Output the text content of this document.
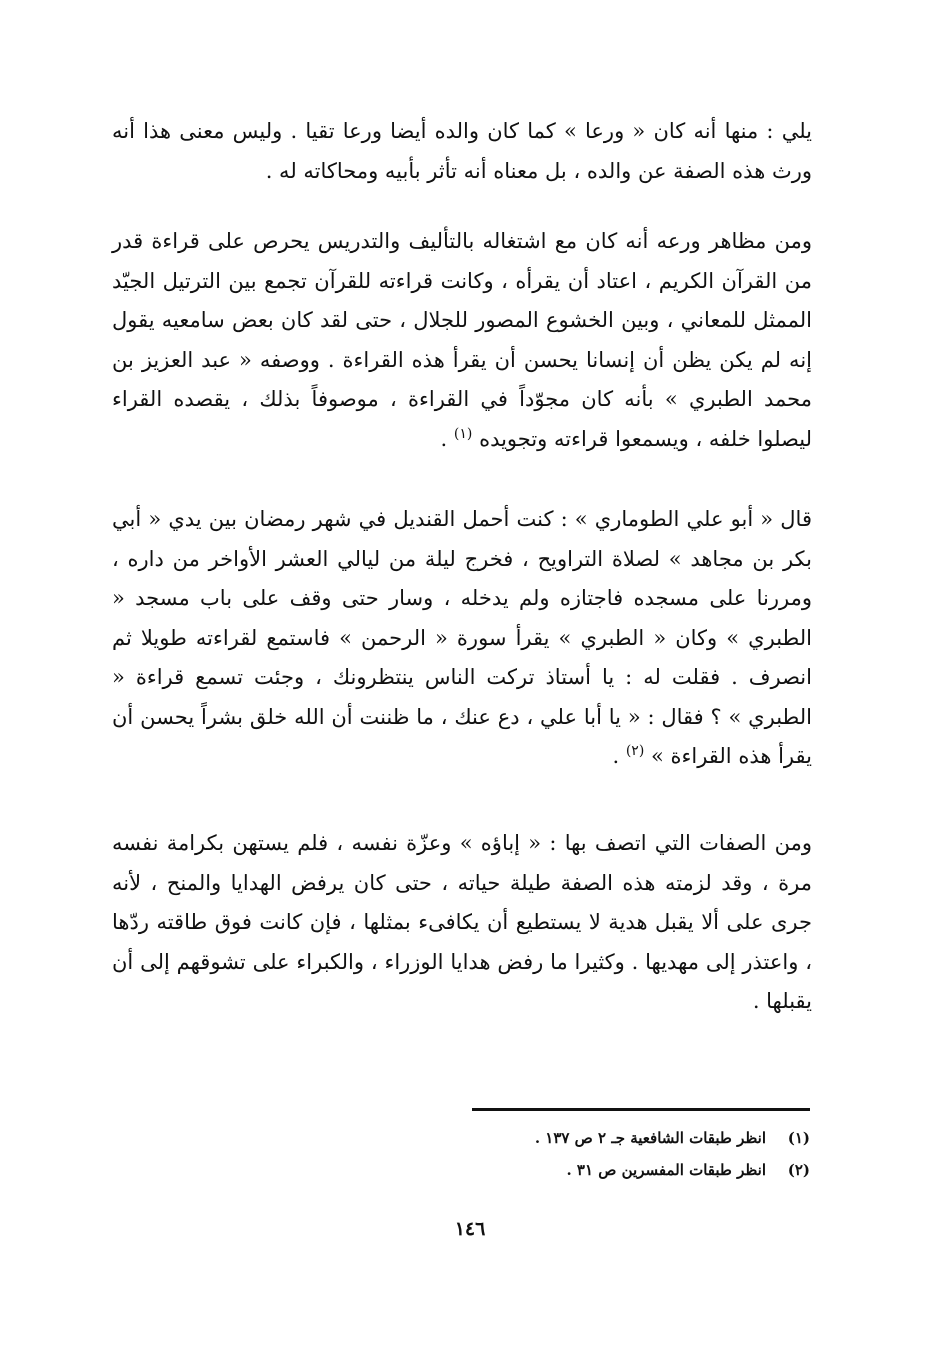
يلي : منها أنه كان « ورعا » كما كان والده أيضا ورعا تقيا . وليس معنى هذا أنه ورث هذه الصفة عن والده ، بل معناه أنه تأثر بأبيه ومحاكاته له .

ومن مظاهر ورعه أنه كان مع اشتغاله بالتأليف والتدريس يحرص على قراءة قدر من القرآن الكريم ، اعتاد أن يقرأه ، وكانت قراءته للقرآن تجمع بين الترتيل الجيّد الممثل للمعاني ، وبين الخشوع المصور للجلال ، حتى لقد كان بعض سامعيه يقول إنه لم يكن يظن أن إنسانا يحسن أن يقرأ هذه القراءة . ووصفه « عبد العزيز بن محمد الطبري » بأنه كان مجوّداً في القراءة ، موصوفاً بذلك ، يقصده القراء ليصلوا خلفه ، ويسمعوا قراءته وتجويده $^{(١)}$ .

قال « أبو علي الطوماري » : كنت أحمل القنديل في شهر رمضان بين يدي « أبي بكر بن مجاهد » لصلاة التراويح ، فخرج ليلة من ليالي العشر الأواخر من داره ، ومررنا على مسجده فاجتازه ولم يدخله ، وسار حتى وقف على باب مسجد « الطبري » وكان « الطبري » يقرأ سورة « الرحمن » فاستمع لقراءته طويلا ثم انصرف . فقلت له : يا أستاذ تركت الناس ينتظرونك ، وجئت تسمع قراءة « الطبري » ؟ فقال : « يا أبا علي ، دع عنك ، ما ظننت أن الله خلق بشراً يحسن أن يقرأ هذه القراءة » $^{(٢)}$ .

ومن الصفات التي اتصف بها : « إباؤه » وعزّة نفسه ، فلم يستهن بكرامة نفسه مرة ، وقد لزمته هذه الصفة طيلة حياته ، حتى كان يرفض الهدايا والمنح ، لأنه جرى على ألا يقبل هدية لا يستطيع أن يكافىء بمثلها ، فإن كانت فوق طاقته ردّها ، واعتذر إلى مهديها . وكثيرا ما رفض هدايا الوزراء ، والكبراء على تشوقهم إلى أن يقبلها .

(١)انظر طبقات الشافعية جـ ٢ ص ١٣٧ .
(٢)انظر طبقات المفسرين ص ٣١ .
١٤٦
